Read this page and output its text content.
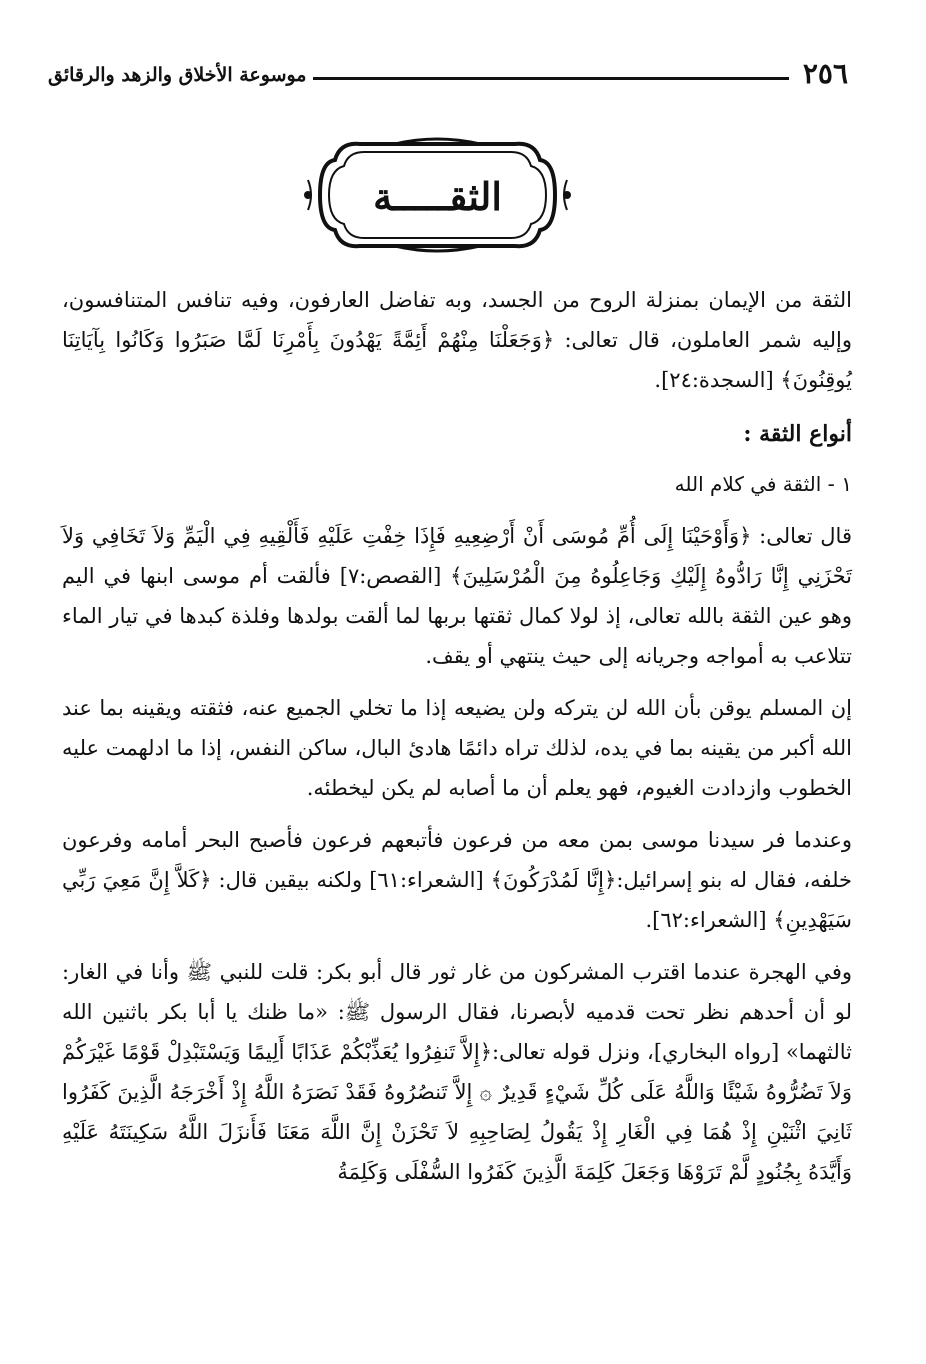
٢٥٦
موسوعة الأخلاق والزهد والرقائق
الثقـــــة

الثقة من الإيمان بمنزلة الروح من الجسد، وبه تفاضل العارفون، وفيه تنافس المتنافسون، وإليه شمر العاملون، قال تعالى: ﴿وَجَعَلْنَا مِنْهُمْ أَئِمَّةً يَهْدُونَ بِأَمْرِنَا لَمَّا صَبَرُوا وَكَانُوا بِآيَاتِنَا يُوقِنُونَ﴾ [السجدة:٢٤].

أنواع الثقة :

١ - الثقة في كلام الله

قال تعالى: ﴿وَأَوْحَيْنَا إِلَى أُمِّ مُوسَى أَنْ أَرْضِعِيهِ فَإِذَا خِفْتِ عَلَيْهِ فَأَلْقِيهِ فِي الْيَمِّ وَلاَ تَخَافِي وَلاَ تَحْزَنِي إِنَّا رَادُّوهُ إِلَيْكِ وَجَاعِلُوهُ مِنَ الْمُرْسَلِينَ﴾ [القصص:٧] فألقت أم موسى ابنها في اليم وهو عين الثقة بالله تعالى، إذ لولا كمال ثقتها بربها لما ألقت بولدها وفلذة كبدها في تيار الماء تتلاعب به أمواجه وجريانه إلى حيث ينتهي أو يقف.

إن المسلم يوقن بأن الله لن يتركه ولن يضيعه إذا ما تخلي الجميع عنه، فثقته ويقينه بما عند الله أكبر من يقينه بما في يده، لذلك تراه دائمًا هادئ البال، ساكن النفس، إذا ما ادلهمت عليه الخطوب وازدادت الغيوم، فهو يعلم أن ما أصابه لم يكن ليخطئه.

وعندما فر سيدنا موسى بمن معه من فرعون فأتبعهم فرعون فأصبح البحر أمامه وفرعون خلفه، فقال له بنو إسرائيل:﴿إِنَّا لَمُدْرَكُونَ﴾ [الشعراء:٦١] ولكنه بيقين قال: ﴿كَلاَّ إِنَّ مَعِيَ رَبِّي سَيَهْدِينِ﴾ [الشعراء:٦٢].

وفي الهجرة عندما اقترب المشركون من غار ثور قال أبو بكر: قلت للنبي ﷺ وأنا في الغار: لو أن أحدهم نظر تحت قدميه لأبصرنا، فقال الرسول ﷺ: «ما ظنك يا أبا بكر باثنين الله ثالثهما» [رواه البخاري]، ونزل قوله تعالى:﴿إِلاَّ تَنفِرُوا يُعَذِّبْكُمْ عَذَابًا أَلِيمًا وَيَسْتَبْدِلْ قَوْمًا غَيْرَكُمْ وَلاَ تَضُرُّوهُ شَيْئًا وَاللَّهُ عَلَى كُلِّ شَيْءٍ قَدِيرٌ ۞ إِلاَّ تَنصُرُوهُ فَقَدْ نَصَرَهُ اللَّهُ إِذْ أَخْرَجَهُ الَّذِينَ كَفَرُوا ثَانِيَ اثْنَيْنِ إِذْ هُمَا فِي الْغَارِ إِذْ يَقُولُ لِصَاحِبِهِ لاَ تَحْزَنْ إِنَّ اللَّهَ مَعَنَا فَأَنزَلَ اللَّهُ سَكِينَتَهُ عَلَيْهِ وَأَيَّدَهُ بِجُنُودٍ لَّمْ تَرَوْهَا وَجَعَلَ كَلِمَةَ الَّذِينَ كَفَرُوا السُّفْلَى وَكَلِمَةُ
